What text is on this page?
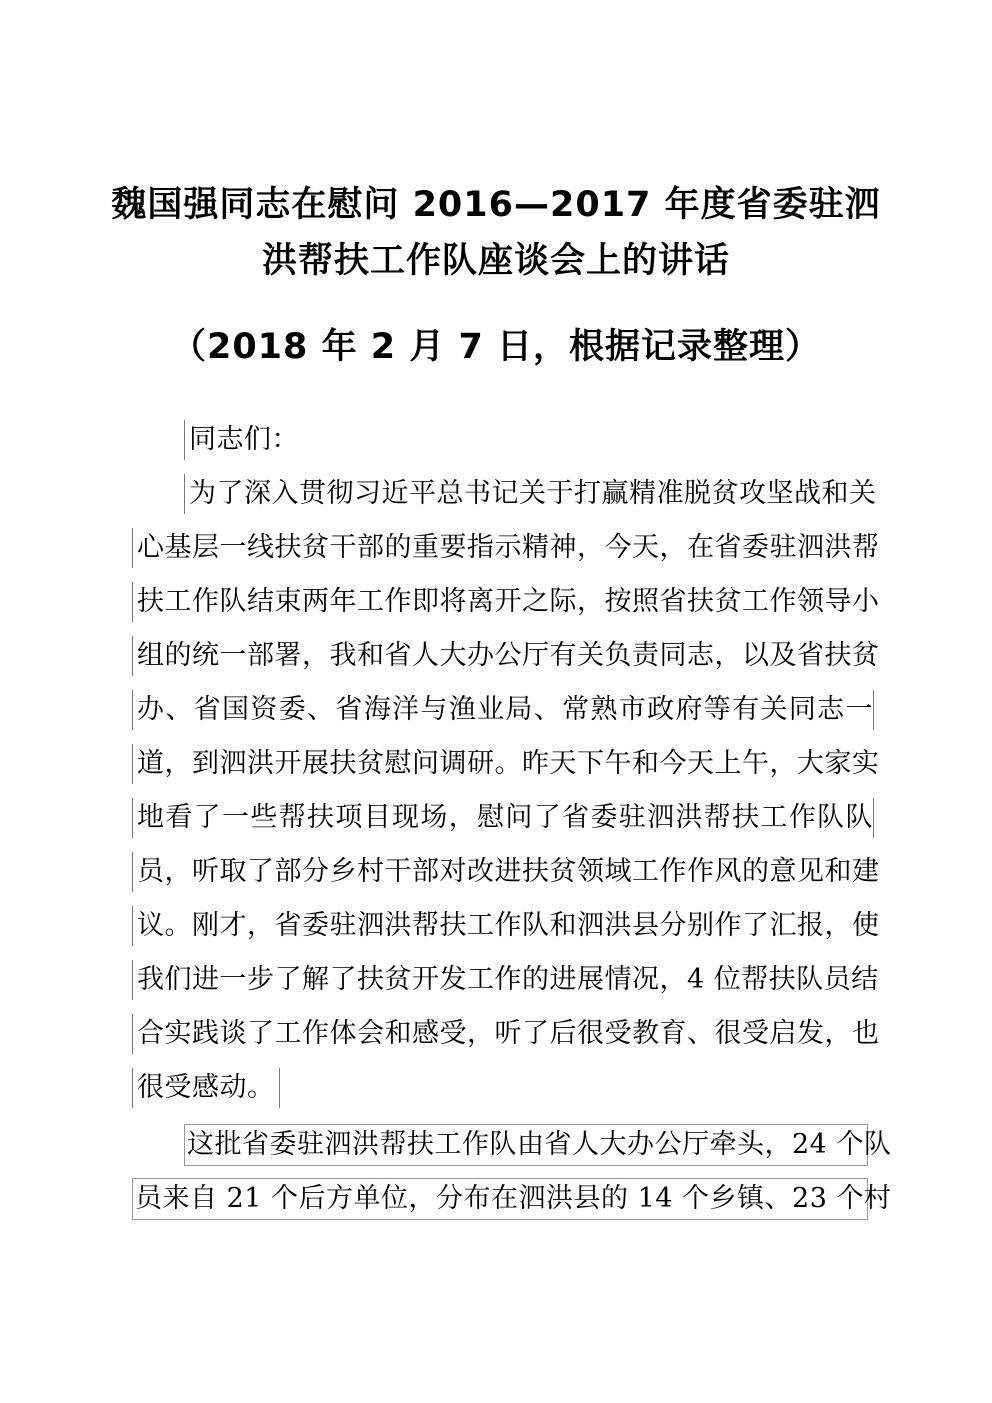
魏国强同志在慰问 2016—2017 年度省委驻泗
洪帮扶工作队座谈会上的讲话
（2018 年 2 月 7 日，根据记录整理）
同志们：
为了深入贯彻习近平总书记关于打赢精准脱贫攻坚战和关
心基层一线扶贫干部的重要指示精神，今天，在省委驻泗洪帮
扶工作队结束两年工作即将离开之际，按照省扶贫工作领导小
组的统一部署，我和省人大办公厅有关负责同志，以及省扶贫
办、省国资委、省海洋与渔业局、常熟市政府等有关同志一
道，到泗洪开展扶贫慰问调研。昨天下午和今天上午，大家实
地看了一些帮扶项目现场，慰问了省委驻泗洪帮扶工作队队
员，听取了部分乡村干部对改进扶贫领域工作作风的意见和建
议。刚才，省委驻泗洪帮扶工作队和泗洪县分别作了汇报，使
我们进一步了解了扶贫开发工作的进展情况，4 位帮扶队员结
合实践谈了工作体会和感受，听了后很受教育、很受启发，也
很受感动。
这批省委驻泗洪帮扶工作队由省人大办公厅牵头，24 个队
员来自 21 个后方单位，分布在泗洪县的 14 个乡镇、23 个村
